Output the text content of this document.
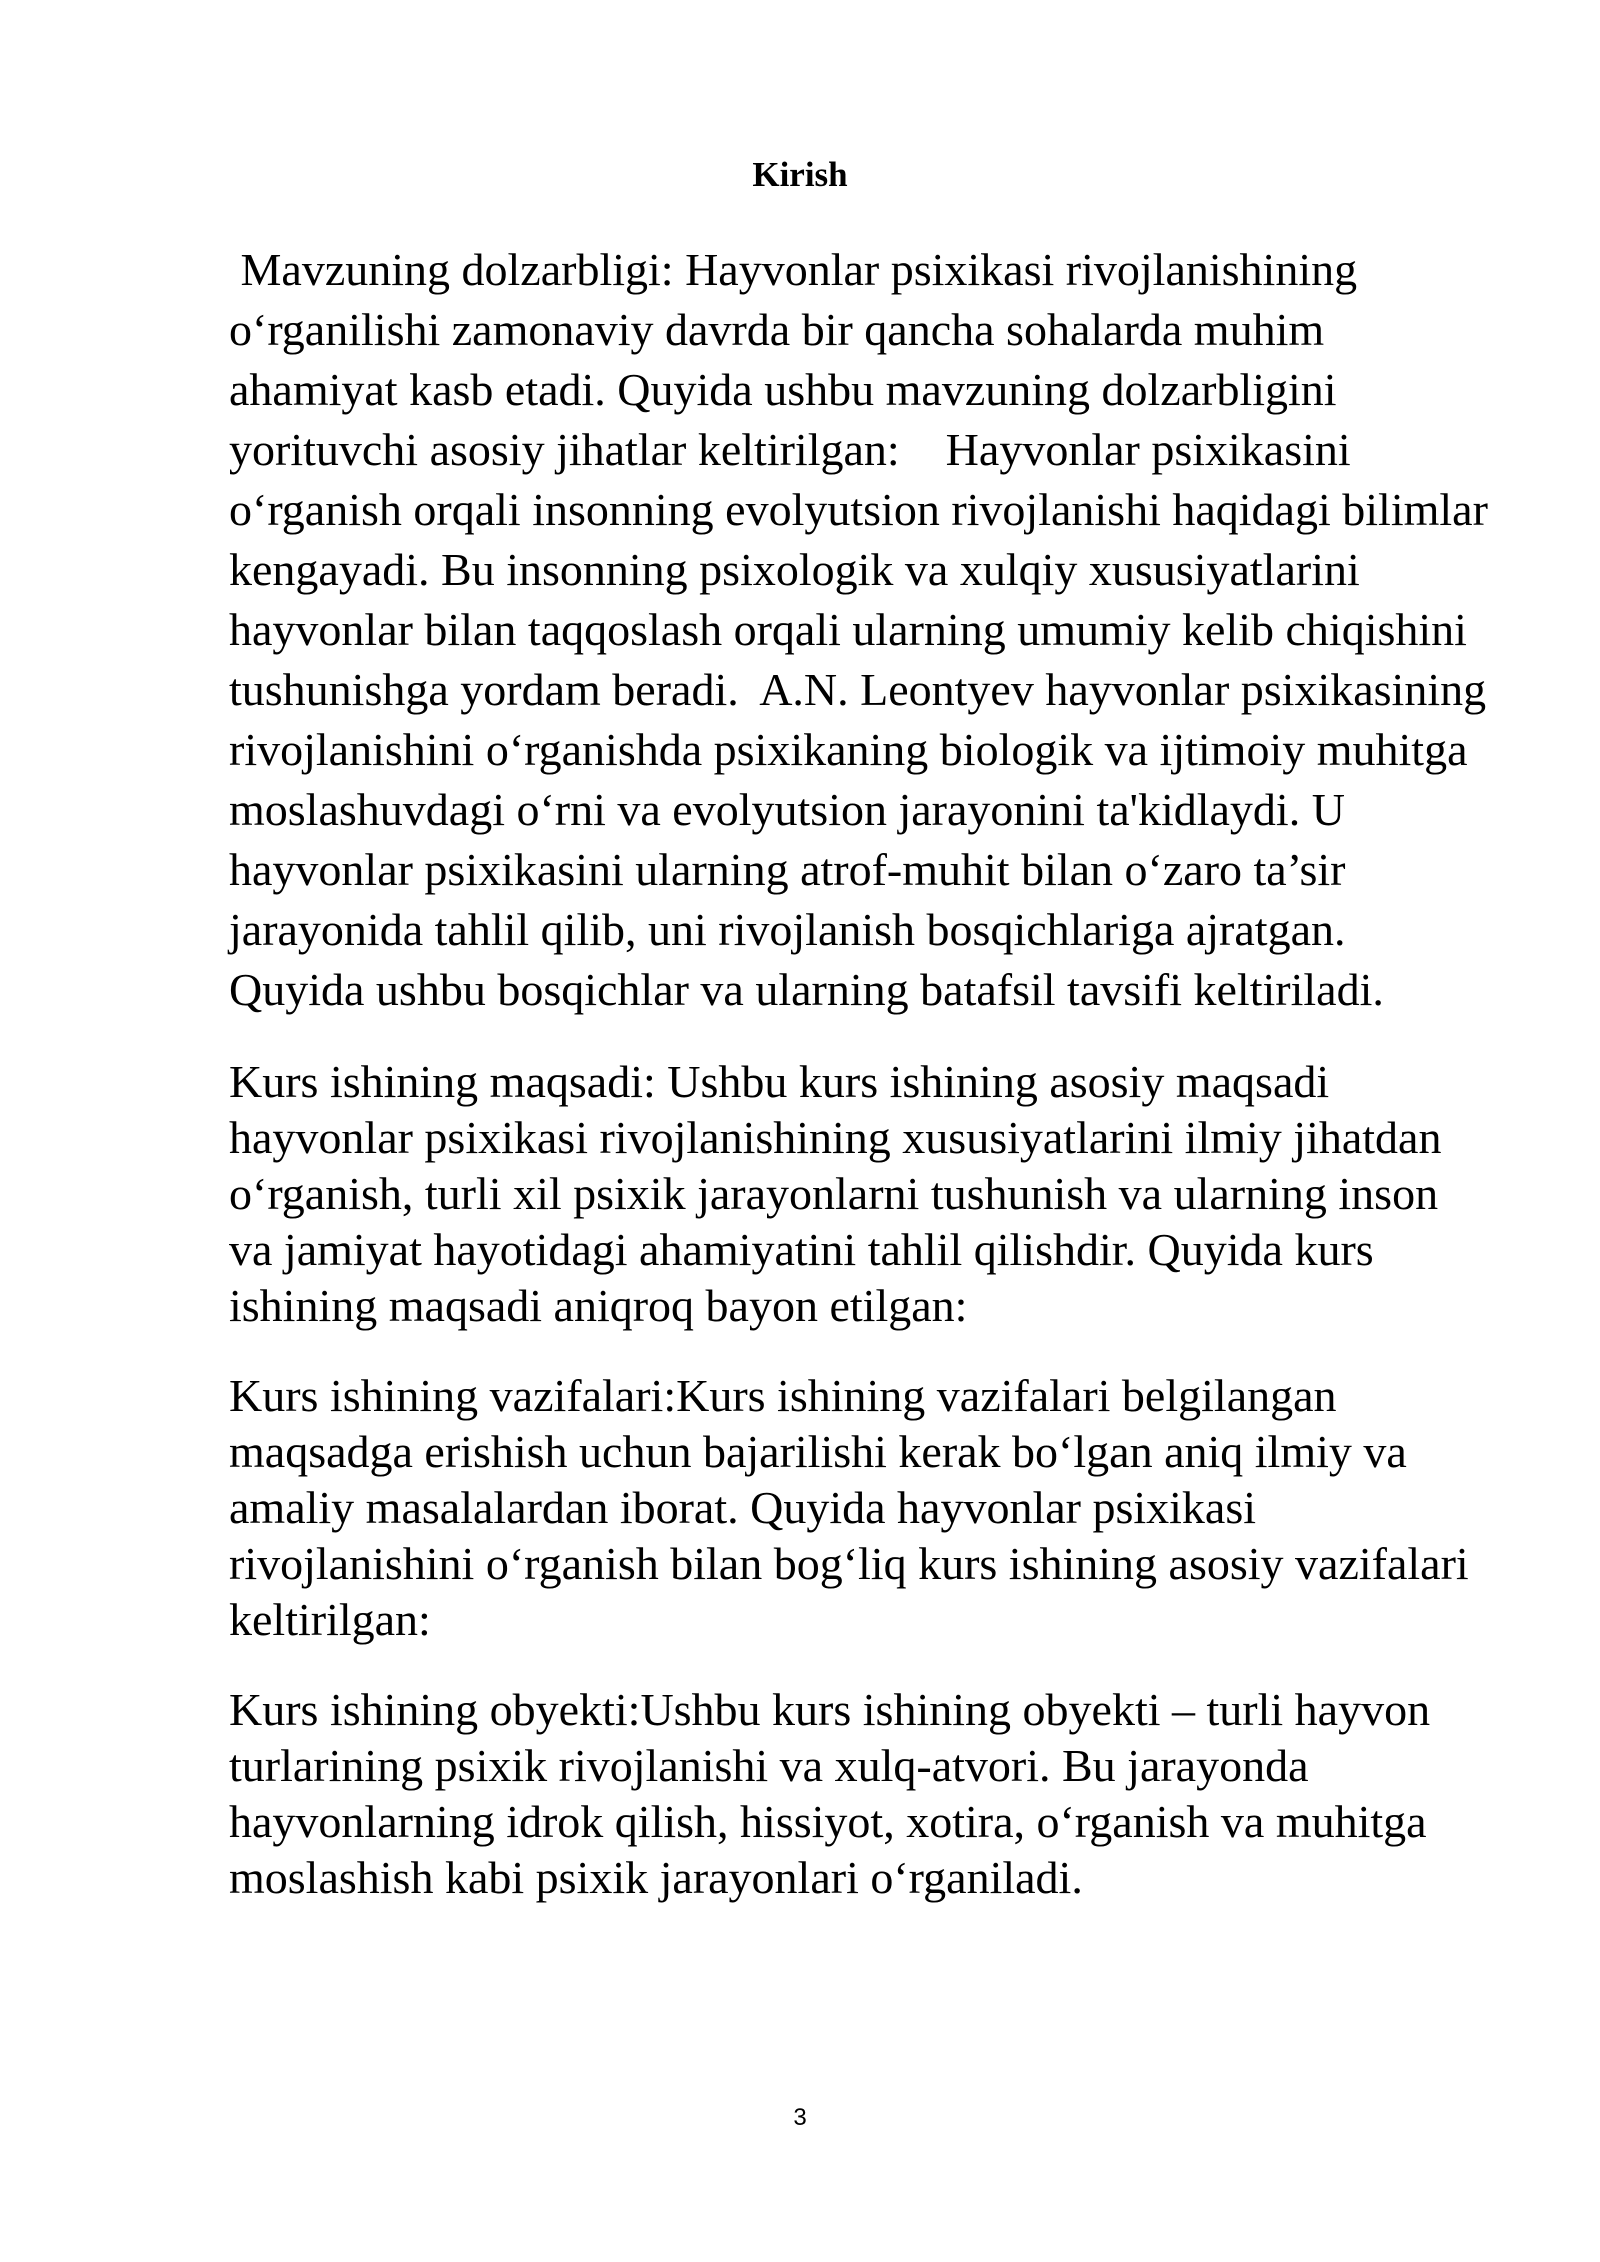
Kirish

Mavzuning dolzarbligi: Hayvonlar psixikasi rivojlanishining o‘rganilishi zamonaviy davrda bir qancha sohalarda muhim ahamiyat kasb etadi. Quyida ushbu mavzuning dolzarbligini yorituvchi asosiy jihatlar keltirilgan:    Hayvonlar psixikasini o‘rganish orqali insonning evolyutsion rivojlanishi haqidagi bilimlar kengayadi. Bu insonning psixologik va xulqiy xususiyatlarini hayvonlar bilan taqqoslash orqali ularning umumiy kelib chiqishini tushunishga yordam beradi.  A.N. Leontyev hayvonlar psixikasining rivojlanishini o‘rganishda psixikaning biologik va ijtimoiy muhitga moslashuvdagi o‘rni va evolyutsion jarayonini ta'kidlaydi. U hayvonlar psixikasini ularning atrof-muhit bilan o‘zaro ta’sir jarayonida tahlil qilib, uni rivojlanish bosqichlariga ajratgan. Quyida ushbu bosqichlar va ularning batafsil tavsifi keltiriladi.

Kurs ishining maqsadi: Ushbu kurs ishining asosiy maqsadi hayvonlar psixikasi rivojlanishining xususiyatlarini ilmiy jihatdan o‘rganish, turli xil psixik jarayonlarni tushunish va ularning inson va jamiyat hayotidagi ahamiyatini tahlil qilishdir. Quyida kurs ishining maqsadi aniqroq bayon etilgan:

Kurs ishining vazifalari:Kurs ishining vazifalari belgilangan maqsadga erishish uchun bajarilishi kerak bo‘lgan aniq ilmiy va amaliy masalalardan iborat. Quyida hayvonlar psixikasi rivojlanishini o‘rganish bilan bog‘liq kurs ishining asosiy vazifalari keltirilgan:

Kurs ishining obyekti:Ushbu kurs ishining obyekti – turli hayvon turlarining psixik rivojlanishi va xulq-atvori. Bu jarayonda hayvonlarning idrok qilish, hissiyot, xotira, o‘rganish va muhitga moslashish kabi psixik jarayonlari o‘rganiladi.

3
